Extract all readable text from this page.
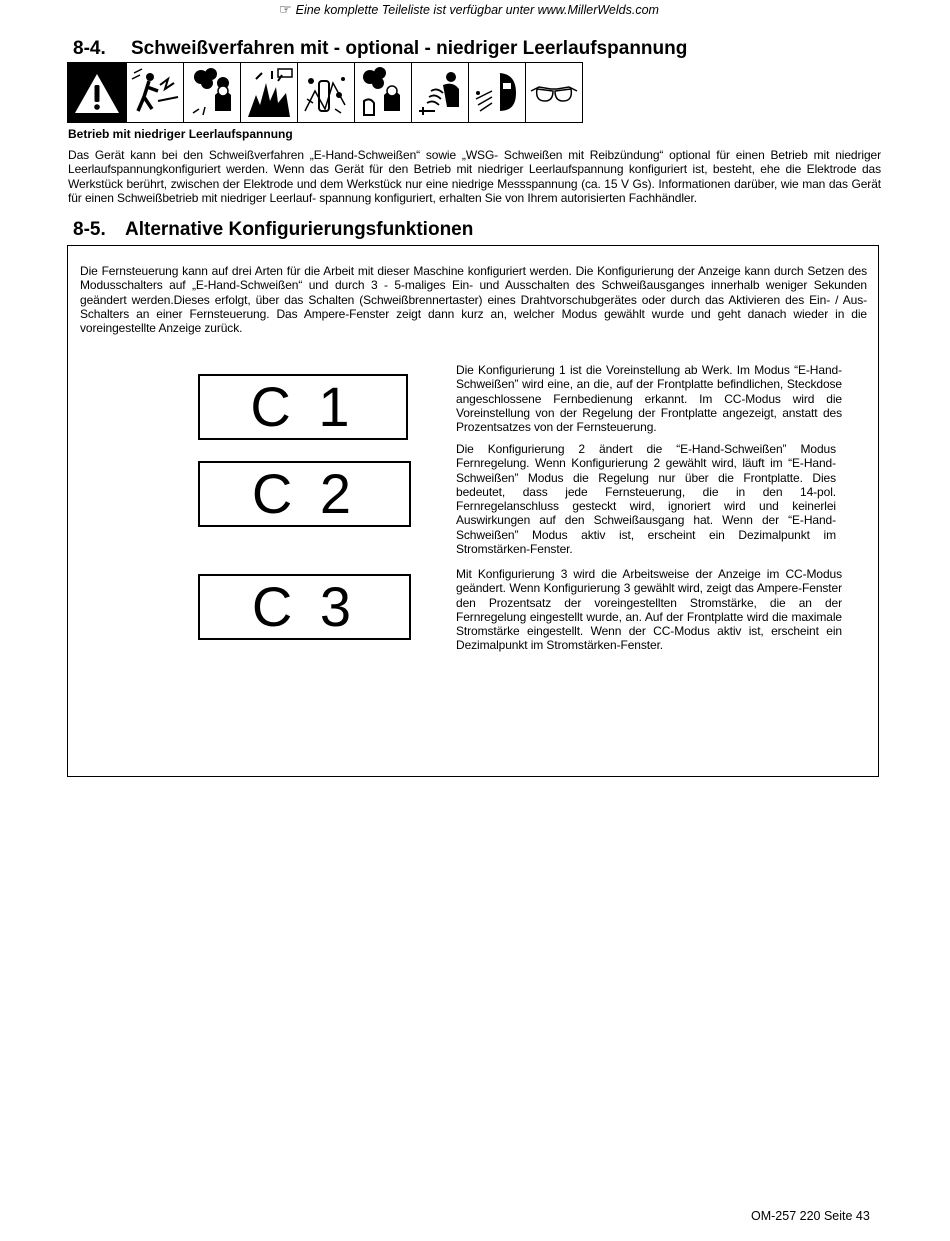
☞ Eine komplette Teileliste ist verfügbar unter www.MillerWelds.com
8-4. Schweißverfahren mit - optional - niedriger Leerlaufspannung
Betrieb mit niedriger Leerlaufspannung
Das Gerät kann bei den Schweißverfahren „E-Hand-Schweißen“ sowie „WSG- Schweißen mit Reibzündung“ optional für einen Betrieb mit niedriger Leerlaufspannungkonfiguriert werden. Wenn das Gerät für den Betrieb mit niedriger Leerlaufspannung konfiguriert ist, besteht, ehe die Elektrode das Werkstück berührt, zwischen der Elektrode und dem Werkstück nur eine niedrige Messspannung (ca. 15 V Gs). Informationen darüber, wie man das Gerät für einen Schweißbetrieb mit niedriger Leerlauf- spannung konfiguriert, erhalten Sie von Ihrem autorisierten Fachhändler.
8-5. Alternative Konfigurierungsfunktionen
Die Fernsteuerung kann auf drei Arten für die Arbeit mit dieser Maschine konfiguriert werden. Die Konfigurierung der Anzeige kann durch Setzen des Modusschalters auf „E-Hand-Schweißen“ und durch 3 - 5-maliges Ein- und Ausschalten des Schweißausganges innerhalb weniger Sekunden geändert werden.Dieses erfolgt, über das Schalten (Schweißbrennertaster) eines Drahtvorschubgerätes oder durch das Aktivieren des Ein- / Aus-Schalters an einer Fernsteuerung. Das Ampere-Fenster zeigt dann kurz an, welcher Modus gewählt wurde und geht danach wieder in die voreingestellte Anzeige zurück.
C 1
C 2
C 3
Die Konfigurierung 1 ist die Voreinstellung ab Werk. Im Modus “E-Hand-Schweißen” wird eine, an die, auf der Frontplatte befindlichen, Steckdose angeschlossene Fernbedienung erkannt. Im CC-Modus wird die Voreinstellung von der Regelung der Frontplatte angezeigt, anstatt des Prozentsatzes von der Fernsteuerung.
Die Konfigurierung 2 ändert die “E-Hand-Schweißen” Modus Fernregelung. Wenn Konfigurierung 2 gewählt wird, läuft im “E-Hand-Schweißen” Modus die Regelung nur über die Frontplatte. Dies bedeutet, dass jede Fernsteuerung, die in den 14-pol. Fernregelanschluss gesteckt wird, ignoriert wird und keinerlei Auswirkungen auf den Schweißausgang hat. Wenn der “E-Hand-Schweißen” Modus aktiv ist, erscheint ein Dezimalpunkt im Stromstärken-Fenster.
Mit Konfigurierung 3 wird die Arbeitsweise der Anzeige im CC-Modus geändert. Wenn Konfigurierung 3 gewählt wird, zeigt das Ampere-Fenster den Prozentsatz der voreingestellten Stromstärke, die an der Fernregelung eingestellt wurde, an. Auf der Frontplatte wird die maximale Stromstärke eingestellt. Wenn der CC-Modus aktiv ist, erscheint ein Dezimalpunkt im Stromstärken-Fenster.
OM-257 220 Seite 43
